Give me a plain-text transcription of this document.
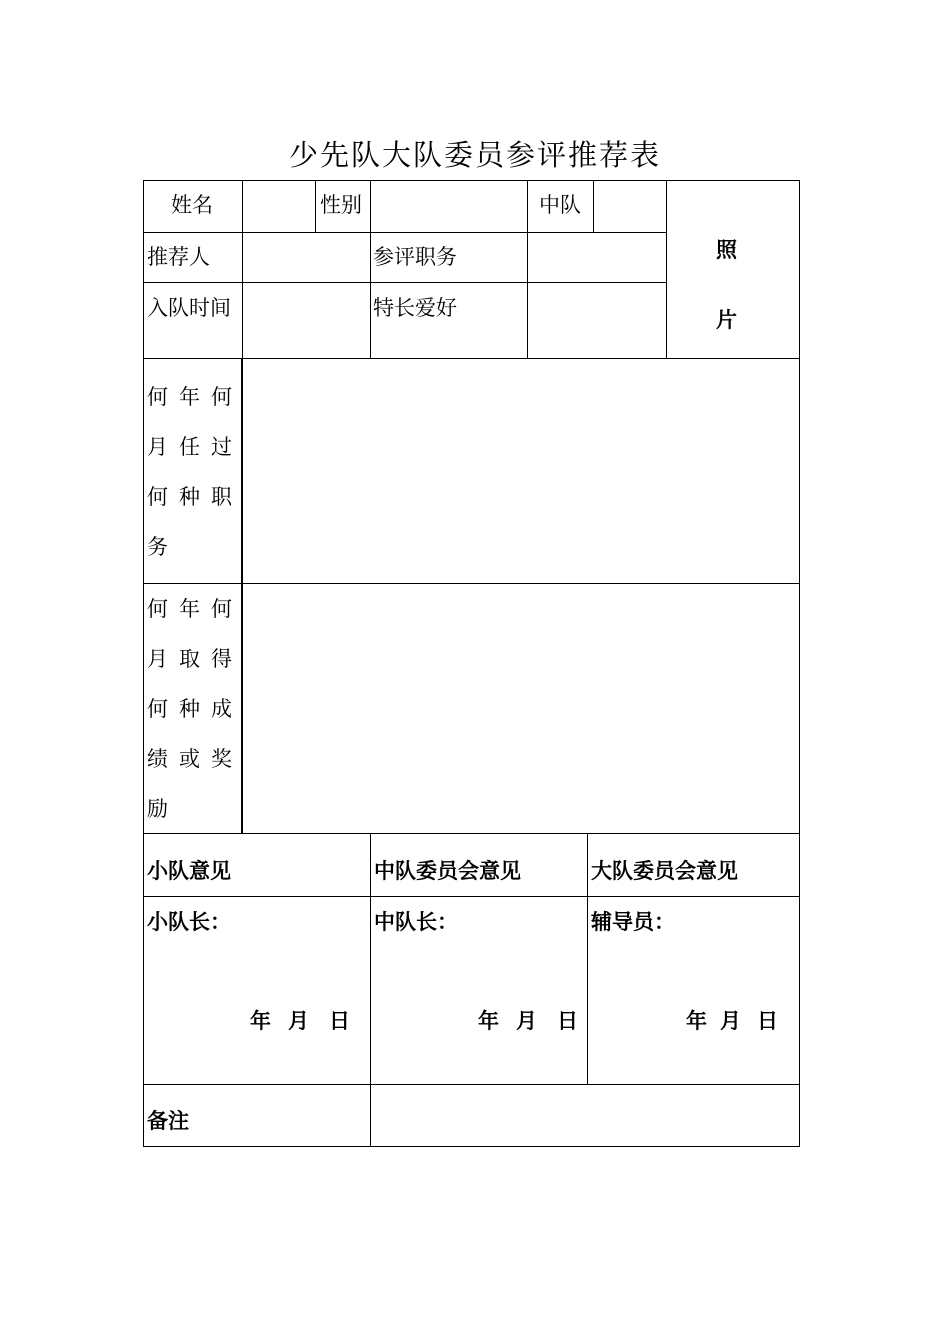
少先队大队委员参评推荐表
姓名	性别	中队
推荐人	参评职务
入队时间	特长爱好
照
片
何年何
月任过
何种职
务
何年何
月取得
何种成
绩或奖
励
小队意见	中队委员会意见	大队委员会意见
小队长：	中队长：	辅导员：
年 月 日	年 月 日	年 月 日
备注
